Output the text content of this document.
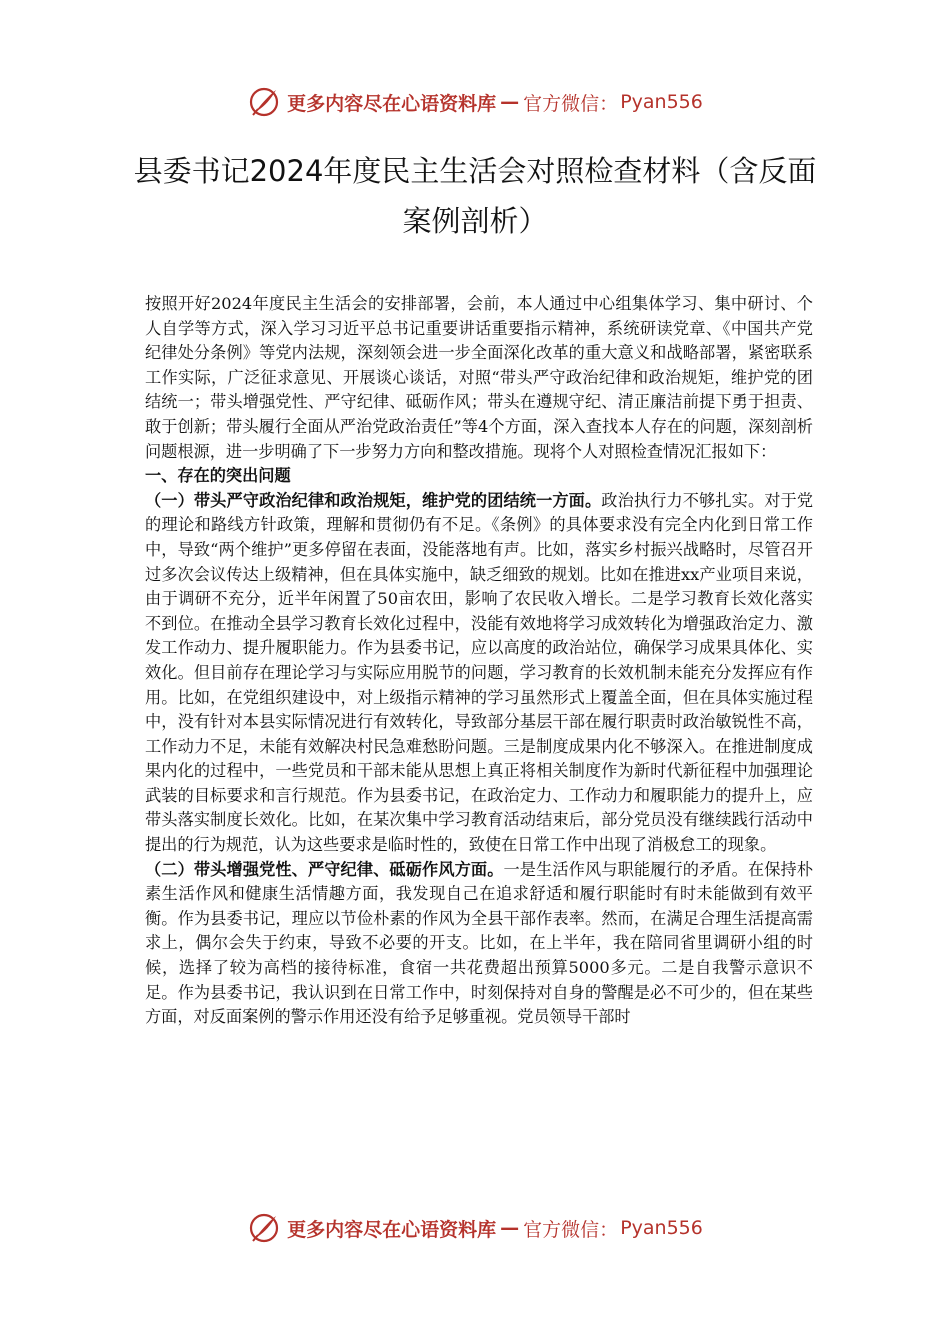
更多内容尽在心语资料库 — 官方微信： Pyan556
县委书记2024年度民主生活会对照检查材料（含反面案例剖析）

按照开好2024年度民主生活会的安排部署，会前，本人通过中心组集体学习、集中研讨、个人自学等方式，深入学习习近平总书记重要讲话重要指示精神，系统研读党章、《中国共产党纪律处分条例》等党内法规，深刻领会进一步全面深化改革的重大意义和战略部署，紧密联系工作实际，广泛征求意见、开展谈心谈话，对照“带头严守政治纪律和政治规矩，维护党的团结统一；带头增强党性、严守纪律、砥砺作风；带头在遵规守纪、清正廉洁前提下勇于担责、敢于创新；带头履行全面从严治党政治责任”等4个方面，深入查找本人存在的问题，深刻剖析问题根源，进一步明确了下一步努力方向和整改措施。现将个人对照检查情况汇报如下：

一、存在的突出问题

（一）带头严守政治纪律和政治规矩，维护党的团结统一方面。政治执行力不够扎实。对于党的理论和路线方针政策，理解和贯彻仍有不足。《条例》的具体要求没有完全内化到日常工作中，导致“两个维护”更多停留在表面，没能落地有声。比如，落实乡村振兴战略时，尽管召开过多次会议传达上级精神，但在具体实施中，缺乏细致的规划。比如在推进xx产业项目来说，由于调研不充分，近半年闲置了50亩农田，影响了农民收入增长。二是学习教育长效化落实不到位。在推动全县学习教育长效化过程中，没能有效地将学习成效转化为增强政治定力、激发工作动力、提升履职能力。作为县委书记，应以高度的政治站位，确保学习成果具体化、实效化。但目前存在理论学习与实际应用脱节的问题，学习教育的长效机制未能充分发挥应有作用。比如，在党组织建设中，对上级指示精神的学习虽然形式上覆盖全面，但在具体实施过程中，没有针对本县实际情况进行有效转化，导致部分基层干部在履行职责时政治敏锐性不高，工作动力不足，未能有效解决村民急难愁盼问题。三是制度成果内化不够深入。在推进制度成果内化的过程中，一些党员和干部未能从思想上真正将相关制度作为新时代新征程中加强理论武装的目标要求和言行规范。作为县委书记，在政治定力、工作动力和履职能力的提升上，应带头落实制度长效化。比如，在某次集中学习教育活动结束后，部分党员没有继续践行活动中提出的行为规范，认为这些要求是临时性的，致使在日常工作中出现了消极怠工的现象。

（二）带头增强党性、严守纪律、砥砺作风方面。一是生活作风与职能履行的矛盾。在保持朴素生活作风和健康生活情趣方面，我发现自己在追求舒适和履行职能时有时未能做到有效平衡。作为县委书记，理应以节俭朴素的作风为全县干部作表率。然而，在满足合理生活提高需求上，偶尔会失于约束，导致不必要的开支。比如，在上半年，我在陪同省里调研小组的时候，选择了较为高档的接待标准，食宿一共花费超出预算5000多元。二是自我警示意识不足。作为县委书记，我认识到在日常工作中，时刻保持对自身的警醒是必不可少的，但在某些方面，对反面案例的警示作用还没有给予足够重视。党员领导干部时

更多内容尽在心语资料库 — 官方微信： Pyan556
